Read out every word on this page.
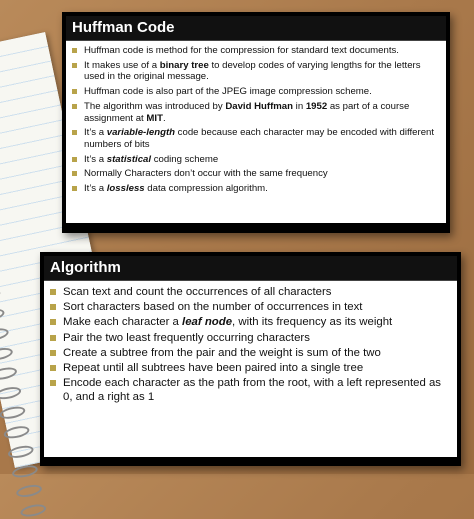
Huffman Code
Huffman code is method for the compression for standard text documents.
It makes use of a binary tree to develop codes of varying lengths for the letters used in the original message.
Huffman code is also part of the JPEG image compression scheme.
The algorithm was introduced by David Huffman in 1952 as part of a course assignment at MIT.
It’s a variable-length code because each character may be encoded with different numbers of bits
It’s a statistical coding scheme
Normally Characters don’t occur with the same frequency
It’s a lossless data compression algorithm.
Algorithm
Scan text and count the occurrences of all characters
Sort characters based on the number of occurrences in text
Make each character a leaf node, with its frequency as its weight
Pair the two least frequently occurring characters
Create a subtree from the pair and the weight is sum of the two
Repeat until all subtrees have been paired into a single tree
Encode each character as the path from the root, with a left represented as 0, and a right as 1
